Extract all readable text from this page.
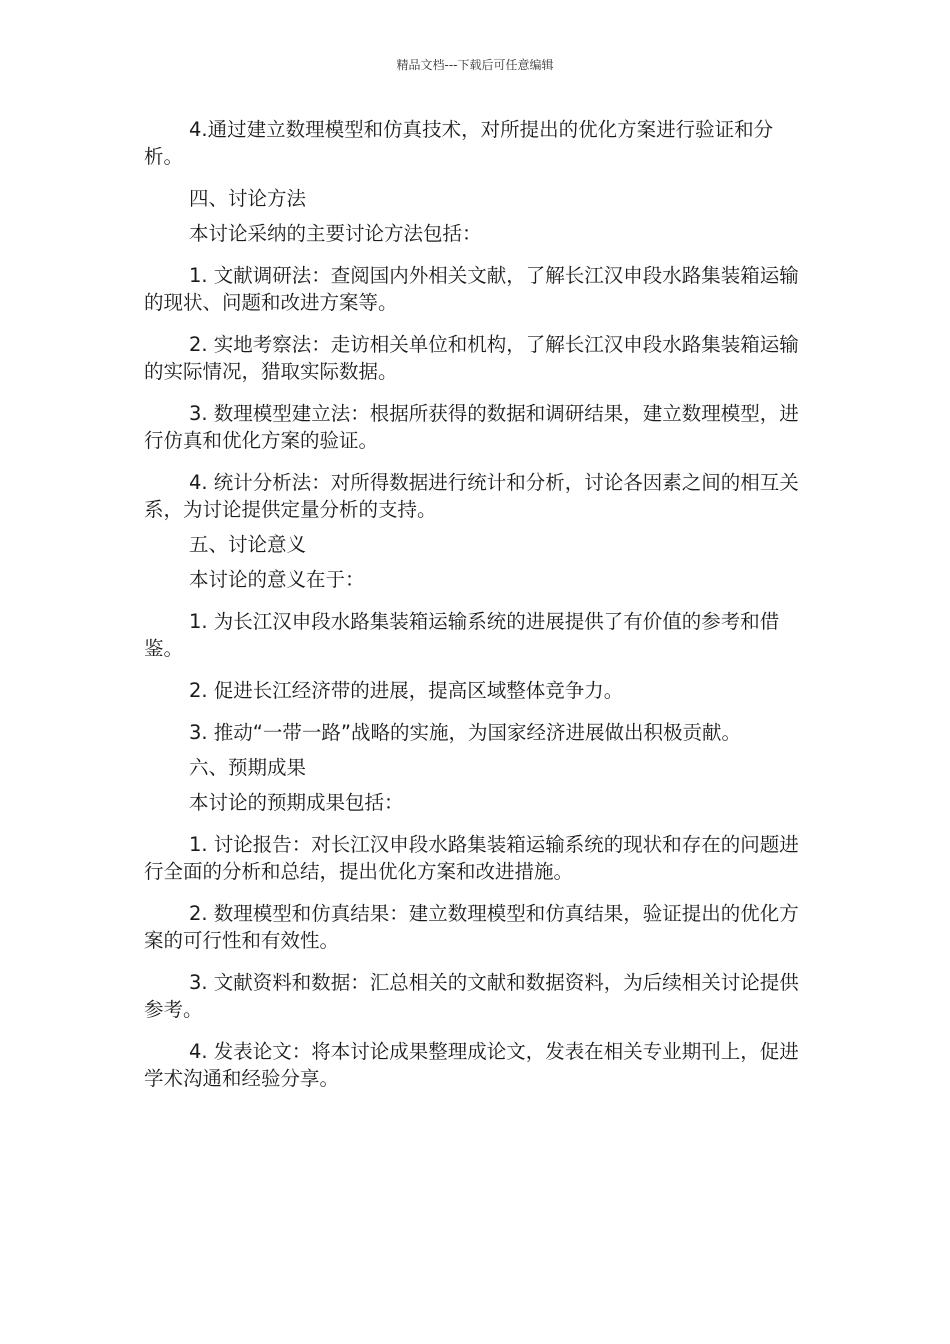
精品文档---下载后可任意编辑

4.通过建立数理模型和仿真技术，对所提出的优化方案进行验证和分析。

四、讨论方法

本讨论采纳的主要讨论方法包括：

1. 文献调研法：查阅国内外相关文献，了解长江汉申段水路集装箱运输的现状、问题和改进方案等。

2. 实地考察法：走访相关单位和机构，了解长江汉申段水路集装箱运输的实际情况，猎取实际数据。

3. 数理模型建立法：根据所获得的数据和调研结果，建立数理模型，进行仿真和优化方案的验证。

4. 统计分析法：对所得数据进行统计和分析，讨论各因素之间的相互关系，为讨论提供定量分析的支持。

五、讨论意义

本讨论的意义在于：

1. 为长江汉申段水路集装箱运输系统的进展提供了有价值的参考和借鉴。

2. 促进长江经济带的进展，提高区域整体竞争力。

3. 推动“一带一路”战略的实施，为国家经济进展做出积极贡献。

六、预期成果

本讨论的预期成果包括：

1. 讨论报告：对长江汉申段水路集装箱运输系统的现状和存在的问题进行全面的分析和总结，提出优化方案和改进措施。

2. 数理模型和仿真结果：建立数理模型和仿真结果，验证提出的优化方案的可行性和有效性。

3. 文献资料和数据：汇总相关的文献和数据资料，为后续相关讨论提供参考。

4. 发表论文：将本讨论成果整理成论文，发表在相关专业期刊上，促进学术沟通和经验分享。
